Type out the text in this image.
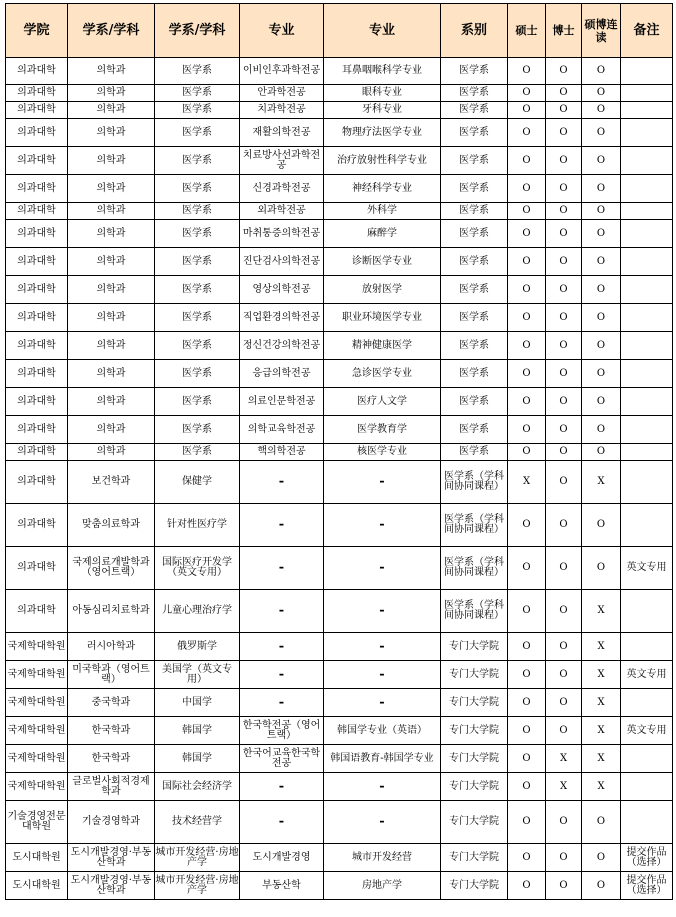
学院	学系/学科	学系/学科	专业	专业	系别	硕士	博士	硕博连读	备注
의과대학	의학과	医学系	이비인후과학전공	耳鼻咽喉科学专业	医学系	O	O	O	
의과대학	의학과	医学系	안과학전공	眼科专业	医学系	O	O	O	
의과대학	의학과	医学系	치과학전공	牙科专业	医学系	O	O	O	
의과대학	의학과	医学系	재활의학전공	物理疗法医学专业	医学系	O	O	O	
의과대학	의학과	医学系	치료방사선과학전공	治疗放射性科学专业	医学系	O	O	O	
의과대학	의학과	医学系	신경과학전공	神经科学专业	医学系	O	O	O	
의과대학	의학과	医学系	외과학전공	外科学	医学系	O	O	O	
의과대학	의학과	医学系	마취통증의학전공	麻醉学	医学系	O	O	O	
의과대학	의학과	医学系	진단검사의학전공	诊断医学专业	医学系	O	O	O	
의과대학	의학과	医学系	영상의학전공	放射医学	医学系	O	O	O	
의과대학	의학과	医学系	직업환경의학전공	职业环境医学专业	医学系	O	O	O	
의과대학	의학과	医学系	정신건강의학전공	精神健康医学	医学系	O	O	O	
의과대학	의학과	医学系	응급의학전공	急诊医学专业	医学系	O	O	O	
의과대학	의학과	医学系	의료인문학전공	医疗人文学	医学系	O	O	O	
의과대학	의학과	医学系	의학교육학전공	医学教育学	医学系	O	O	O	
의과대학	의학과	医学系	핵의학전공	核医学专业	医学系	O	O	O	
의과대학	보건학과	保健学	-	-	医学系（学科间协同课程）	X	O	X	
의과대학	맞춤의료학과	针对性医疗学	-	-	医学系（学科间协同课程）	O	O	O	
의과대학	국제의료개발학과（영어트랙）	国际医疗开发学（英文专用）	-	-	医学系（学科间协同课程）	O	O	O	英文专用
의과대학	아동심리치료학과	儿童心理治疗学	-	-	医学系（学科间协同课程）	O	O	X	
국제학대학원	러시아학과	俄罗斯学	-	-	专门大学院	O	O	X	
국제학대학원	미국학과（영어트랙）	美国学（英文专用）	-	-	专门大学院	O	O	X	英文专用
국제학대학원	중국학과	中国学	-	-	专门大学院	O	O	X	
국제학대학원	한국학과	韩国学	한국학전공（영어트랙）	韩国学专业（英语）	专门大学院	O	O	X	英文专用
국제학대학원	한국학과	韩国学	한국어교육한국학전공	韩国语教育-韩国学专业	专门大学院	O	X	X	
국제학대학원	글로벌사회적경제학과	国际社会经济学	-	-	专门大学院	O	X	X	
기술경영전문대학원	기술경영학과	技术经营学	-	-	专门大学院	O	O	O	
도시대학원	도시개발경영·부동산학과	城市开发经营·房地产学	도시개발경영	城市开发经营	专门大学院	O	O	O	提交作品（选择）
도시대학원	도시개발경영·부동산학과	城市开发经营·房地产学	부동산학	房地产学	专门大学院	O	O	O	提交作品（选择）
